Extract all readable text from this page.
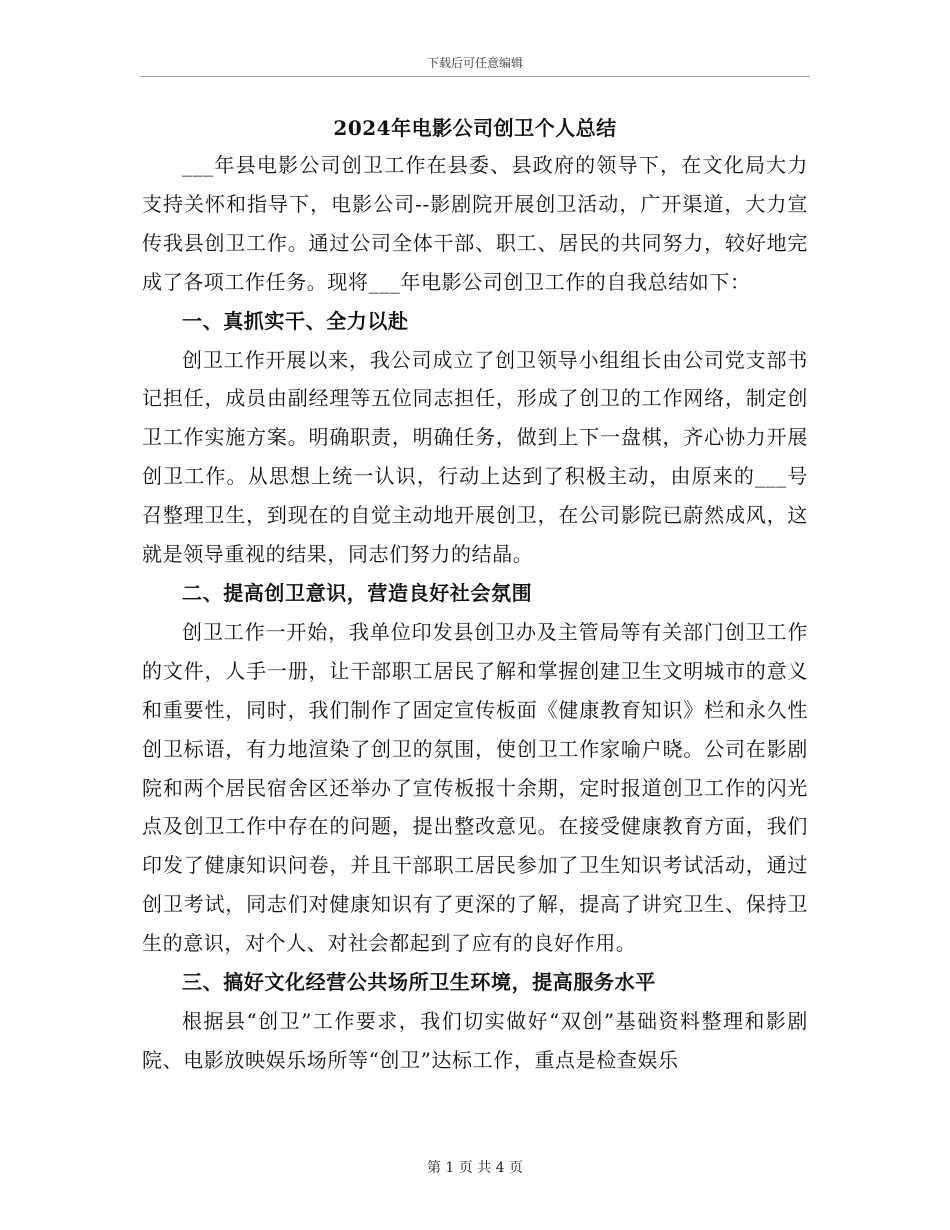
下载后可任意编辑
2024年电影公司创卫个人总结

___年县电影公司创卫工作在县委、县政府的领导下，在文化局大力支持关怀和指导下，电影公司--影剧院开展创卫活动，广开渠道，大力宣传我县创卫工作。通过公司全体干部、职工、居民的共同努力，较好地完成了各项工作任务。现将___年电影公司创卫工作的自我总结如下：

一、真抓实干、全力以赴

创卫工作开展以来，我公司成立了创卫领导小组组长由公司党支部书记担任，成员由副经理等五位同志担任，形成了创卫的工作网络，制定创卫工作实施方案。明确职责，明确任务，做到上下一盘棋，齐心协力开展创卫工作。从思想上统一认识，行动上达到了积极主动，由原来的___号召整理卫生，到现在的自觉主动地开展创卫，在公司影院已蔚然成风，这就是领导重视的结果，同志们努力的结晶。

二、提高创卫意识，营造良好社会氛围

创卫工作一开始，我单位印发县创卫办及主管局等有关部门创卫工作的文件，人手一册，让干部职工居民了解和掌握创建卫生文明城市的意义和重要性，同时，我们制作了固定宣传板面《健康教育知识》栏和永久性创卫标语，有力地渲染了创卫的氛围，使创卫工作家喻户晓。公司在影剧院和两个居民宿舍区还举办了宣传板报十余期，定时报道创卫工作的闪光点及创卫工作中存在的问题，提出整改意见。在接受健康教育方面，我们印发了健康知识问卷，并且干部职工居民参加了卫生知识考试活动，通过创卫考试，同志们对健康知识有了更深的了解，提高了讲究卫生、保持卫生的意识，对个人、对社会都起到了应有的良好作用。

三、搞好文化经营公共场所卫生环境，提高服务水平

根据县“创卫”工作要求，我们切实做好“双创”基础资料整理和影剧院、电影放映娱乐场所等“创卫”达标工作，重点是检查娱乐

第 1 页 共 4 页
